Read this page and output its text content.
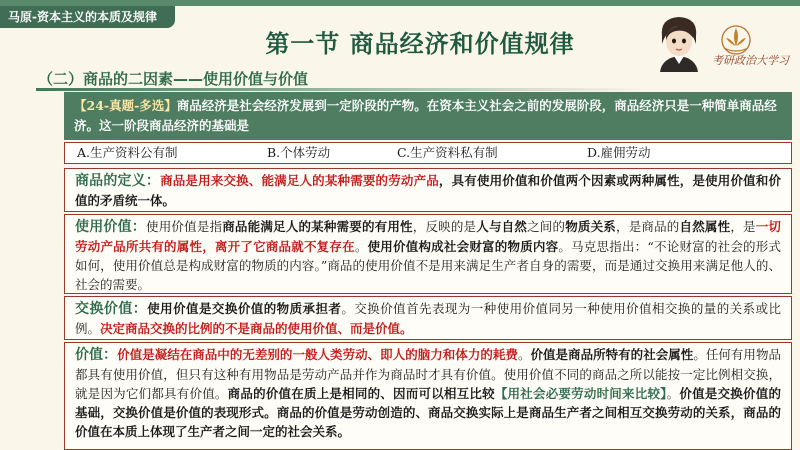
马原-资本主义的本质及规律
第一节 商品经济和价值规律
考研政治大学习
（二）商品的二因素——使用价值与价值
【24-真题-多选】商品经济是社会经济发展到一定阶段的产物。在资本主义社会之前的发展阶段，商品经济只是一种简单商品经济。这一阶段商品经济的基础是
A.生产资料公有制	B.个体劳动	C.生产资料私有制	D.雇佣劳动
商品的定义：商品是用来交换、能满足人的某种需要的劳动产品，具有使用价值和价值两个因素或两种属性，是使用价值和价值的矛盾统一体。
使用价值：使用价值是指商品能满足人的某种需要的有用性，反映的是人与自然之间的物质关系，是商品的自然属性，是一切劳动产品所共有的属性，离开了它商品就不复存在。使用价值构成社会财富的物质内容。马克思指出：“不论财富的社会的形式如何，使用价值总是构成财富的物质的内容。”商品的使用价值不是用来满足生产者自身的需要，而是通过交换用来满足他人的、社会的需要。
交换价值：使用价值是交换价值的物质承担者。交换价值首先表现为一种使用价值同另一种使用价值相交换的量的关系或比例。决定商品交换的比例的不是商品的使用价值、而是价值。
价值：价值是凝结在商品中的无差别的一般人类劳动、即人的脑力和体力的耗费。价值是商品所特有的社会属性。任何有用物品都具有使用价值，但只有这种有用物品是劳动产品并作为商品时才具有价值。使用价值不同的商品之所以能按一定比例相交换，就是因为它们都具有价值。商品的价值在质上是相同的、因而可以相互比较【用社会必要劳动时间来比较】。价值是交换价值的基础，交换价值是价值的表现形式。商品的价值是劳动创造的、商品交换实际上是商品生产者之间相互交换劳动的关系，商品的价值在本质上体现了生产者之间一定的社会关系。
